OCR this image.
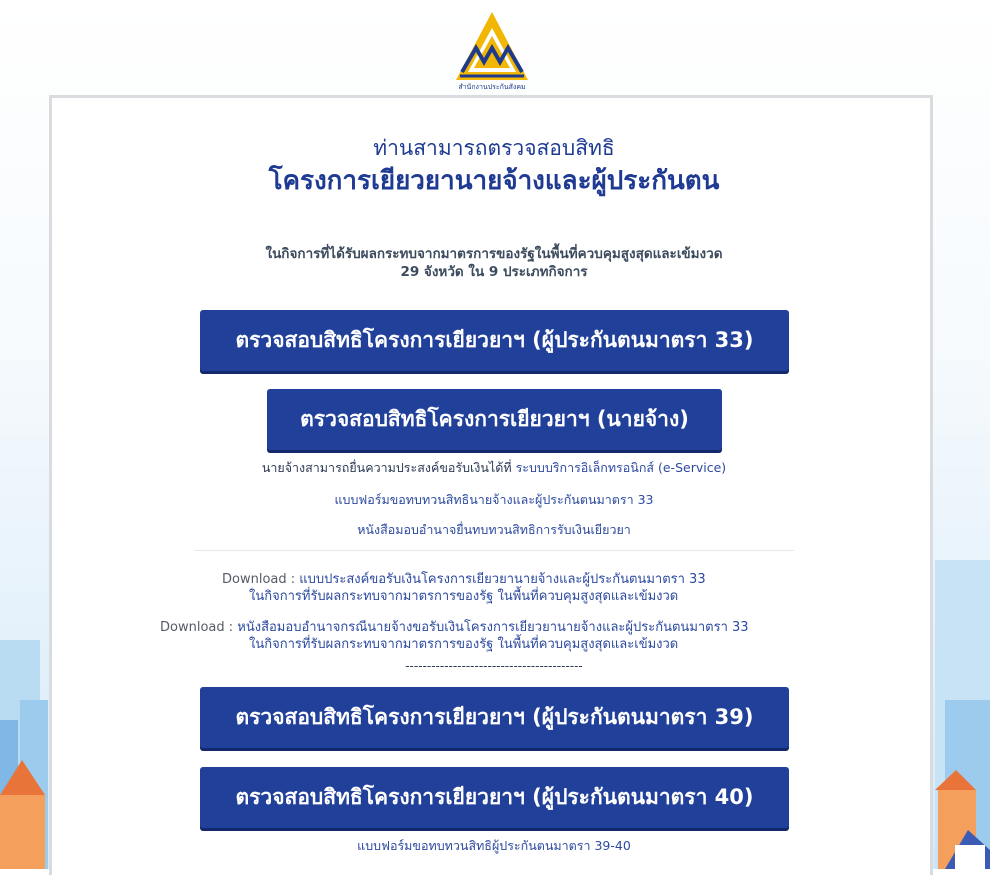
สำนักงานประกันสังคม
ท่านสามารถตรวจสอบสิทธิ
โครงการเยียวยานายจ้างและผู้ประกันตน
ในกิจการที่ได้รับผลกระทบจากมาตรการของรัฐในพื้นที่ควบคุมสูงสุดและเข้มงวด
29 จังหวัด ใน 9 ประเภทกิจการ
ตรวจสอบสิทธิโครงการเยียวยาฯ (ผู้ประกันตนมาตรา 33)
ตรวจสอบสิทธิโครงการเยียวยาฯ (นายจ้าง)
นายจ้างสามารถยื่นความประสงค์ขอรับเงินได้ที่ ระบบบริการอิเล็กทรอนิกส์ (e-Service)
แบบฟอร์มขอทบทวนสิทธินายจ้างและผู้ประกันตนมาตรา 33
หนังสือมอบอำนาจยื่นทบทวนสิทธิการรับเงินเยียวยา
Download : แบบประสงค์ขอรับเงินโครงการเยียวยานายจ้างและผู้ประกันตนมาตรา 33
ในกิจการที่รับผลกระทบจากมาตรการของรัฐ ในพื้นที่ควบคุมสูงสุดและเข้มงวด
Download : หนังสือมอบอำนาจกรณีนายจ้างขอรับเงินโครงการเยียวยานายจ้างและผู้ประกันตนมาตรา 33
ในกิจการที่รับผลกระทบจากมาตรการของรัฐ ในพื้นที่ควบคุมสูงสุดและเข้มงวด
-----------------------------------------
ตรวจสอบสิทธิโครงการเยียวยาฯ (ผู้ประกันตนมาตรา 39)
ตรวจสอบสิทธิโครงการเยียวยาฯ (ผู้ประกันตนมาตรา 40)
แบบฟอร์มขอทบทวนสิทธิผู้ประกันตนมาตรา 39-40
